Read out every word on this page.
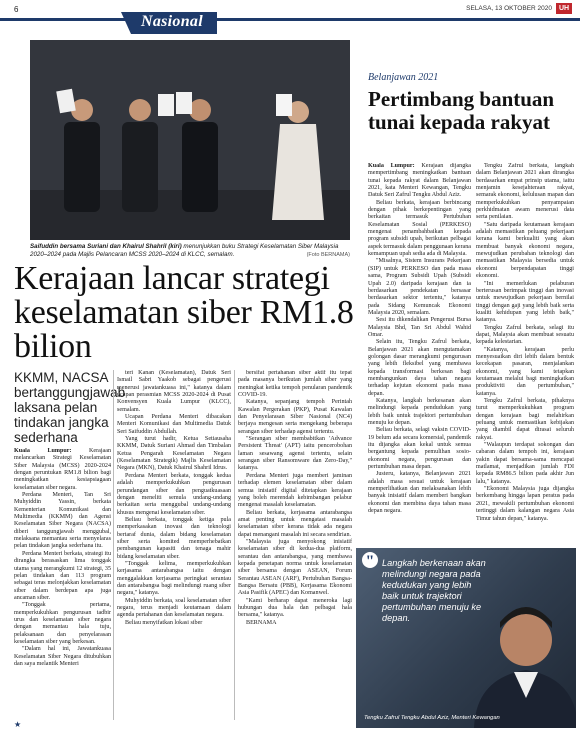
6
Nasional
SELASA, 13 OKTOBER 2020 UH
Saifuddin bersama Suriani dan Khairul Shahril (kiri) menunjukkan buku Strategi Keselamatan Siber Malaysia 2020–2024 pada Majlis Pelancaran MCSS 2020–2024 di KLCC, semalam.	(Foto BERNAMA)
Kerajaan lancar strategi keselamatan siber RM1.8 bilion
KKMM, NACSA bertanggungjawab laksana pelan tindakan jangka sederhana

Kuala Lumpur: Kerajaan melancarkan Strategi Keselamatan Siber Malaysia (MCSS) 2020-2024 dengan peruntukan RM1.8 bilion bagi meningkatkan kesiapsiagaan keselamatan siber negara.

Perdana Menteri, Tan Sri Muhyiddin Yassin, berkata Kementerian Komunikasi dan Multimedia (KKMM) dan Agensi Keselamatan Siber Negara (NACSA) diberi tanggungjawab menggubal, melaksana memantau serta menyelaras pelan tindakan jangka sederhana itu.

Perdana Menteri berkata, strategi itu dirangka berasaskan lima tonggak utama yang merangkumi 12 strategi, 35 pelan tindakan dan 113 program sebagai teras melonjakkan keselamatan siber dalam berdepan apa juga ancaman siber.

"Tonggak pertama, memperkukuhkan pengurusan tadbir urus dan keselamatan siber negara dengan memantau hala tuju, pelaksanaan dan penyelarasan keselamatan siber yang berkesan.

"Dalam hal ini, Jawatankuasa Keselamatan Siber Negara ditubuhkan dan saya melantik Menteri

teri Kanan (Keselamatan), Datuk Seri Ismail Sabri Yaakob sebagai pengerusi menerusi jawatankuasa ini," katanya dalam ucapan perasmian MCSS 2020-2024 di Pusat Konvensyen Kuala Lumpur (KLCC), semalam.

Ucapan Perdana Menteri dibacakan Menteri Komunikasi dan Multimedia Datuk Seri Saifuddin Abdullah.

Yang turut hadir, Ketua Setiausaha KKMM, Datuk Suriani Ahmad dan Timbalan Ketua Pengarah Keselamatan Negara (Keselamatan Strategik) Majlis Keselamatan Negara (MKN), Datuk Khairul Shahril Idrus.

Perdana Menteri berkata, tonggak kedua adalah memperkukuhkan pengurusan perundangan siber dan penguatkuasaan dengan meneliti semula undang-undang berkaitan serta menggubal undang-undang khusus mengenai keselamatan siber.

Beliau berkata, tonggak ketiga pula memperkasakan inovasi dan teknologi bertaraf dunia, dalam bidang keselamatan siber serta komited memperhebatkan pembangunan kapasiti dan tenaga mahir bidang keselamatan siber.

"Tonggak kelima, memperkukuhkan kerjasama antarabangsa iaitu dengan menggalakkan kerjasama peringkat serantau dan antarabangsa bagi melindungi ruang siber negara," katanya.

Muhyiddin berkata, soal keselamatan siber negara, terus menjadi keutamaan dalam agenda pertahanan dan keselamatan negara.

Beliau menyifatkan lokasi siber

bersifat pertahanan siber aktif itu tepat pada masanya berikutan jumlah siber yang meningkat ketika tempoh penularan pandemik COVID-19.

Katanya, sepanjang tempoh Perintah Kawalan Pergerakan (PKP), Pusat Kawalan dan Penyelarasan Siber Nasional (NC4) berjaya mengesan serta mengekang beberapa serangan siber terhadap agensi tertentu.

"Serangan siber membabitkan 'Advance Persistent Threat' (APT) iaitu pencerobohan laman sesawang agensi tertentu, selain serangan siber Ransomware dan Zero-Day," katanya.

Perdana Menteri juga memberi jaminan terhadap elemen keselamatan siber dalam semua inisiatif digital ditetapkan kerajaan yang boleh merendah kebimbangan pelabur mengenai masalah keselamatan.

Beliau berkata, kerjasama antarabangsa amat penting untuk mengatasi masalah keselamatan siber kerana tidak ada negara dapat menangani masalah ini secara sendirian.

"Malaysia juga menyokong inisiatif keselamatan siber di kedua-dua platform, serantau dan antarabangsa, yang membawa kepada penetapan norma untuk keselamatan siber bersama dengan ASEAN, Forum Serantau ASEAN (ARF), Pertubuhan Bangsa-Bangsa Bersatu (PBB), Kerjasama Ekonomi Asia Pasifik (APEC) dan Komanwel.

"Kami berharap dapat meneroka lagi hubungan dua hala dan pelbagai hala bersama," katanya.

BERNAMA

Belanjawan 2021
Pertimbang bantuan tunai kepada rakyat

Kuala Lumpur: Kerajaan dijangka mempertimbang meningkatkan bantuan tunai kepada rakyat dalam Belanjawan 2021, kata Menteri Kewangan, Tengku Datuk Seri Zafrul Tengku Abdul Aziz.

Beliau berkata, kerajaan berbincang dengan pihak berkepentingan yang berkaitan termasuk Pertubuhan Keselamatan Sosial (PERKESO) mengenai penambahbaikan kepada program subsidi upah, berikutan pelbagai aspek termasuk dalam penggunaan kerana kemampuan upah sedia ada di Malaysia.

"Misalnya, Sistem Insurans Pekerjaan (SIP) untuk PERKESO dan pada masa sama, Program Subsidi Upah (Subsidi Upah 2.0) daripada kerajaan dan ia berdasarkan pendekatan bersasar berdasarkan sektor tertentu," katanya pada Sidang Kemuncak Ekonomi Malaysia 2020, semalam.

Sesi itu dikendalikan Pengerusi Bursa Malaysia Bhd, Tan Sri Abdul Wahid Omar.

Selain itu, Tengku Zafrul berkata, Belanjawan 2021 akan mengutamakan golongan dasar merangkumi pengurusan yang lebih fleksibel yang membawa kepada transformasi berkesan bagi membangunkan daya tahan negara terhadap kejutan ekonomi pada masa depan.

Katanya, langkah berkesanan akan melindungi kepada pendudukan yang lebih baik untuk trajektori pertumbuhan menuju ke depan.

Beliau berkata, selagi vaksin COVID-19 belum ada secara komersial, pandemik itu dijangka akan kekal untuk semua bergantung kepada pemulihan sosio-ekonomi negara, pengurusan dan pertumbuhan masa depan.

Justeru, katanya, Belanjawan 2021 adalah masa sesuai untuk kerajaan memperlihatkan dan melaksanakan lebih banyak inisiatif dalam memberi bangkan ekonomi dan membina daya tahan masa depan negara.

Tengku Zafrul berkata, langkah dalam Belanjawan 2021 akan dirangka berdasarkan empat prinsip utama, iaitu menjamin kesejahteraan rakyat, semarak ekonomi, kelulusan mapan dan memperkukuhkan penyampaian perkhidmatan awam menerusi data serta penilaian.

"Satu daripada keutamaan kerajaan adalah memastikan peluang pekerjaan kerana kami berkualiti yang akan membuat banyak ekonomi negara, mewujudkan perubahan teknologi dan memastikan Malaysia bersedia untuk ekonomi berpendapatan tinggi ekonomi.

"Ini memerlukan pelaburan berterusan berimpak tinggi dan inovasi untuk mewujudkan pekerjaan bernilai tinggi dengan gaji yang lebih baik serta kualiti kehidupan yang lebih baik," katanya.

Tengku Zafrul berkata, selagi itu dapat, Malaysia akan membuat sesuatu kepada kelestarian.

"Katanya, kerajaan perlu menyesuaikan diri lebih dalam bentuk kecekapan pasaran, menjalankan ekonomi, yang kami tetapkan keutamaan melalui bagi meningkatkan produktiviti dan pertumbuhan," katanya.

Tengku Zafrul berkata, pihaknya turut memperkukuhkan program dengan kerajaan bagi melahirkan peluang untuk memastikan kebijakan yang diambil dapat dirasai seluruh rakyat.

"Walaupun terdapat sokongan dan cabaran dalam tempoh ini, kerajaan yakin dapat bersama-sama mencapai matlamat, menjadikan jumlah FDI kepada RM86.5 bilion pada akhir Jun lalu," katanya.

"Ekonomi Malaysia juga dijangka berkembang hingga lapan peratus pada 2021, mewakili pertumbuhan ekonomi tertinggi dalam kalangan negara Asia Timur tahun depan," katanya.

" Langkah berkenaan akan melindungi negara pada kedudukan yang lebih baik untuk trajektori pertumbuhan menuju ke depan.
Tengku Zafrul Tengku Abdul Aziz, Menteri Kewangan
★
